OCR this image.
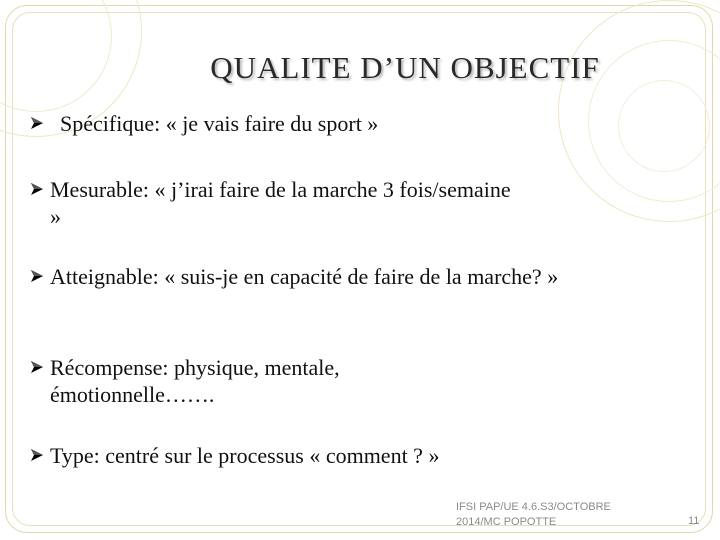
QUALITE D’UN OBJECTIF
Spécifique: « je vais faire du sport »
Mesurable: « j’irai faire de la marche 3 fois/semaine »
Atteignable: « suis-je en capacité de faire de la marche? »
Récompense: physique, mentale, émotionnelle…….
Type: centré sur le processus « comment ? »
IFSI PAP/UE 4.6.S3/OCTOBRE 2014/MC POPOTTE	11
